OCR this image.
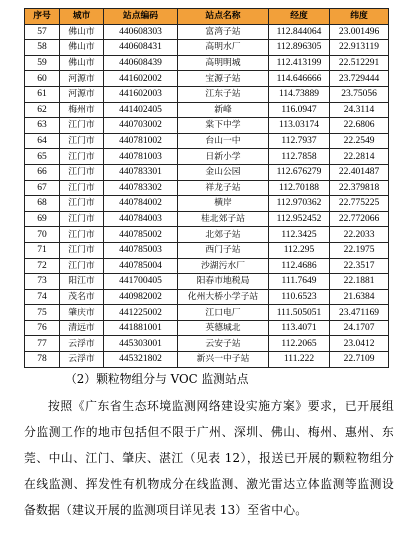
序号	城市	站点编码	站点名称	经度	纬度
57	佛山市	440608303	富湾子站	112.844064	23.001496
58	佛山市	440608431	高明水厂	112.896305	22.913119
59	佛山市	440608439	高明明城	112.413199	22.512291
60	河源市	441602002	宝源子站	114.646666	23.729444
61	河源市	441602003	江东子站	114.73889	23.75056
62	梅州市	441402405	新峰	116.0947	24.3114
63	江门市	440703002	棠下中学	113.03174	22.6806
64	江门市	440781002	台山一中	112.7937	22.2549
65	江门市	440781003	日新小学	112.7858	22.2814
66	江门市	440783301	金山公园	112.676279	22.401487
67	江门市	440783302	祥龙子站	112.70188	22.379818
68	江门市	440784002	横岸	112.970362	22.775225
69	江门市	440784003	桂北郊子站	112.952452	22.772066
70	江门市	440785002	北郊子站	112.3425	22.2033
71	江门市	440785003	西门子站	112.295	22.1975
72	江门市	440785004	沙湖污水厂	112.4686	22.3517
73	阳江市	441700405	阳春市地税局	111.7649	22.1881
74	茂名市	440982002	化州大桥小学子站	110.6523	21.6384
75	肇庆市	441225002	江口电厂	111.505051	23.471169
76	清远市	441881001	英德城北	113.4071	24.1707
77	云浮市	445303001	云安子站	112.2065	23.0412
78	云浮市	445321802	新兴一中子站	111.222	22.7109
（2）颗粒物组分与 VOC 监测站点
按照《广东省生态环境监测网络建设实施方案》要求，已开展组分监测工作的地市包括但不限于广州、深圳、佛山、梅州、惠州、东莞、中山、江门、肇庆、湛江（见表 12），报送已开展的颗粒物组分在线监测、挥发性有机物成分在线监测、激光雷达立体监测等监测设备数据（建议开展的监测项目详见表 13）至省中心。
